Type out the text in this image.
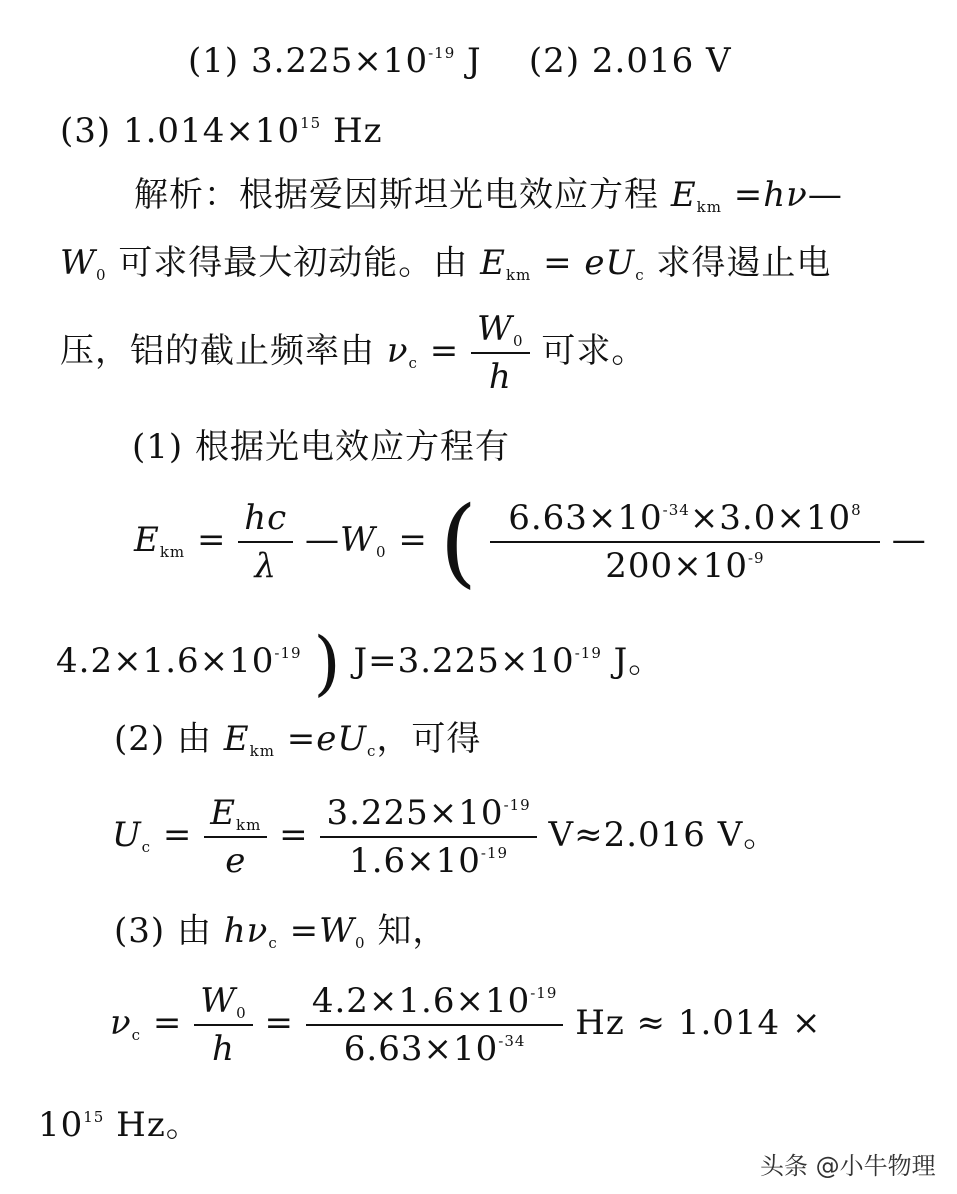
(1) $3.225\times 10^{-19}$ J (2) 2.016 V
(3) $1.014\times 10^{15}$ Hz
解析：根据爱因斯坦光电效应方程 $E_{km}$ =hν—
$W_0$ 可求得最大初动能。由 $E_{km} = eU_c$ 求得遏止电
压，铝的截止频率由 $\nu_c = \frac{W_0}{h}$ 可求。
(1) 根据光电效应方程有
$E_{km} = \frac{hc}{\lambda}$ $—W_0$ = ( $\frac{6.63\times 10^{-34}\times 3.0\times 10^8}{200\times 10^{-9}}$ —
$4.2\times 1.6\times 10^{-19}$ ) $J=3.225\times 10^{-19}$ J。
(2) 由 $E_{km} =eU_c$，可得
$U_c = \frac{E_{km}}{e} = \frac{3.225\times 10^{-19}}{1.6\times 10^{-19}} V\approx 2.016$ V。
(3) 由 $h\nu_c =W_0$ 知，
$\nu_c = \frac{W_0}{h} = \frac{4.2\times 1.6\times 10^{-19}}{6.63\times 10^{-34}}$ Hz ≈ 1.014 ×
$10^{15}$ Hz。
头条 @小牛物理
